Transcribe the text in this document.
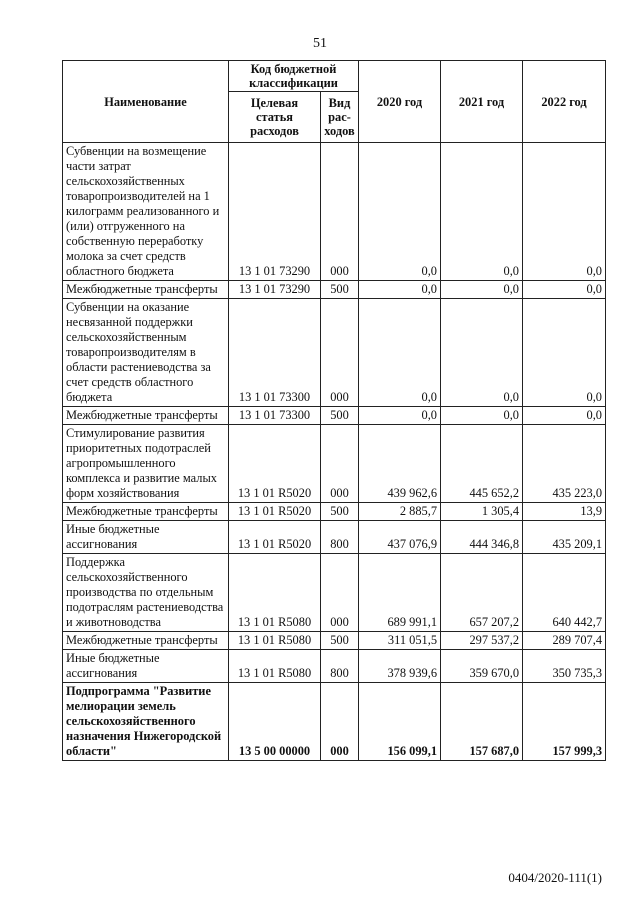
51
Наименование	Код бюджетной классификации		2020 год	2021 год	2022 год
	Целевая статья расходов	Вид рас-ходов			
Субвенции на возмещение части затрат сельскохозяйственных товаропроизводителей на 1 килограмм реализованного и (или) отгруженного на собственную переработку молока за счет средств областного бюджета	13 1 01 73290	000	0,0	0,0	0,0
Межбюджетные трансферты	13 1 01 73290	500	0,0	0,0	0,0
Субвенции на оказание несвязанной поддержки сельскохозяйственным товаропроизводителям в области растениеводства за счет средств областного бюджета	13 1 01 73300	000	0,0	0,0	0,0
Межбюджетные трансферты	13 1 01 73300	500	0,0	0,0	0,0
Стимулирование развития приоритетных подотраслей агропромышленного комплекса и развитие малых форм хозяйствования	13 1 01 R5020	000	439 962,6	445 652,2	435 223,0
Межбюджетные трансферты	13 1 01 R5020	500	2 885,7	1 305,4	13,9
Иные бюджетные ассигнования	13 1 01 R5020	800	437 076,9	444 346,8	435 209,1
Поддержка сельскохозяйственного производства по отдельным подотраслям растениеводства и животноводства	13 1 01 R5080	000	689 991,1	657 207,2	640 442,7
Межбюджетные трансферты	13 1 01 R5080	500	311 051,5	297 537,2	289 707,4
Иные бюджетные ассигнования	13 1 01 R5080	800	378 939,6	359 670,0	350 735,3
Подпрограмма "Развитие мелиорации земель сельскохозяйственного назначения Нижегородской области"	13 5 00 00000	000	156 099,1	157 687,0	157 999,3
0404/2020-111(1)
